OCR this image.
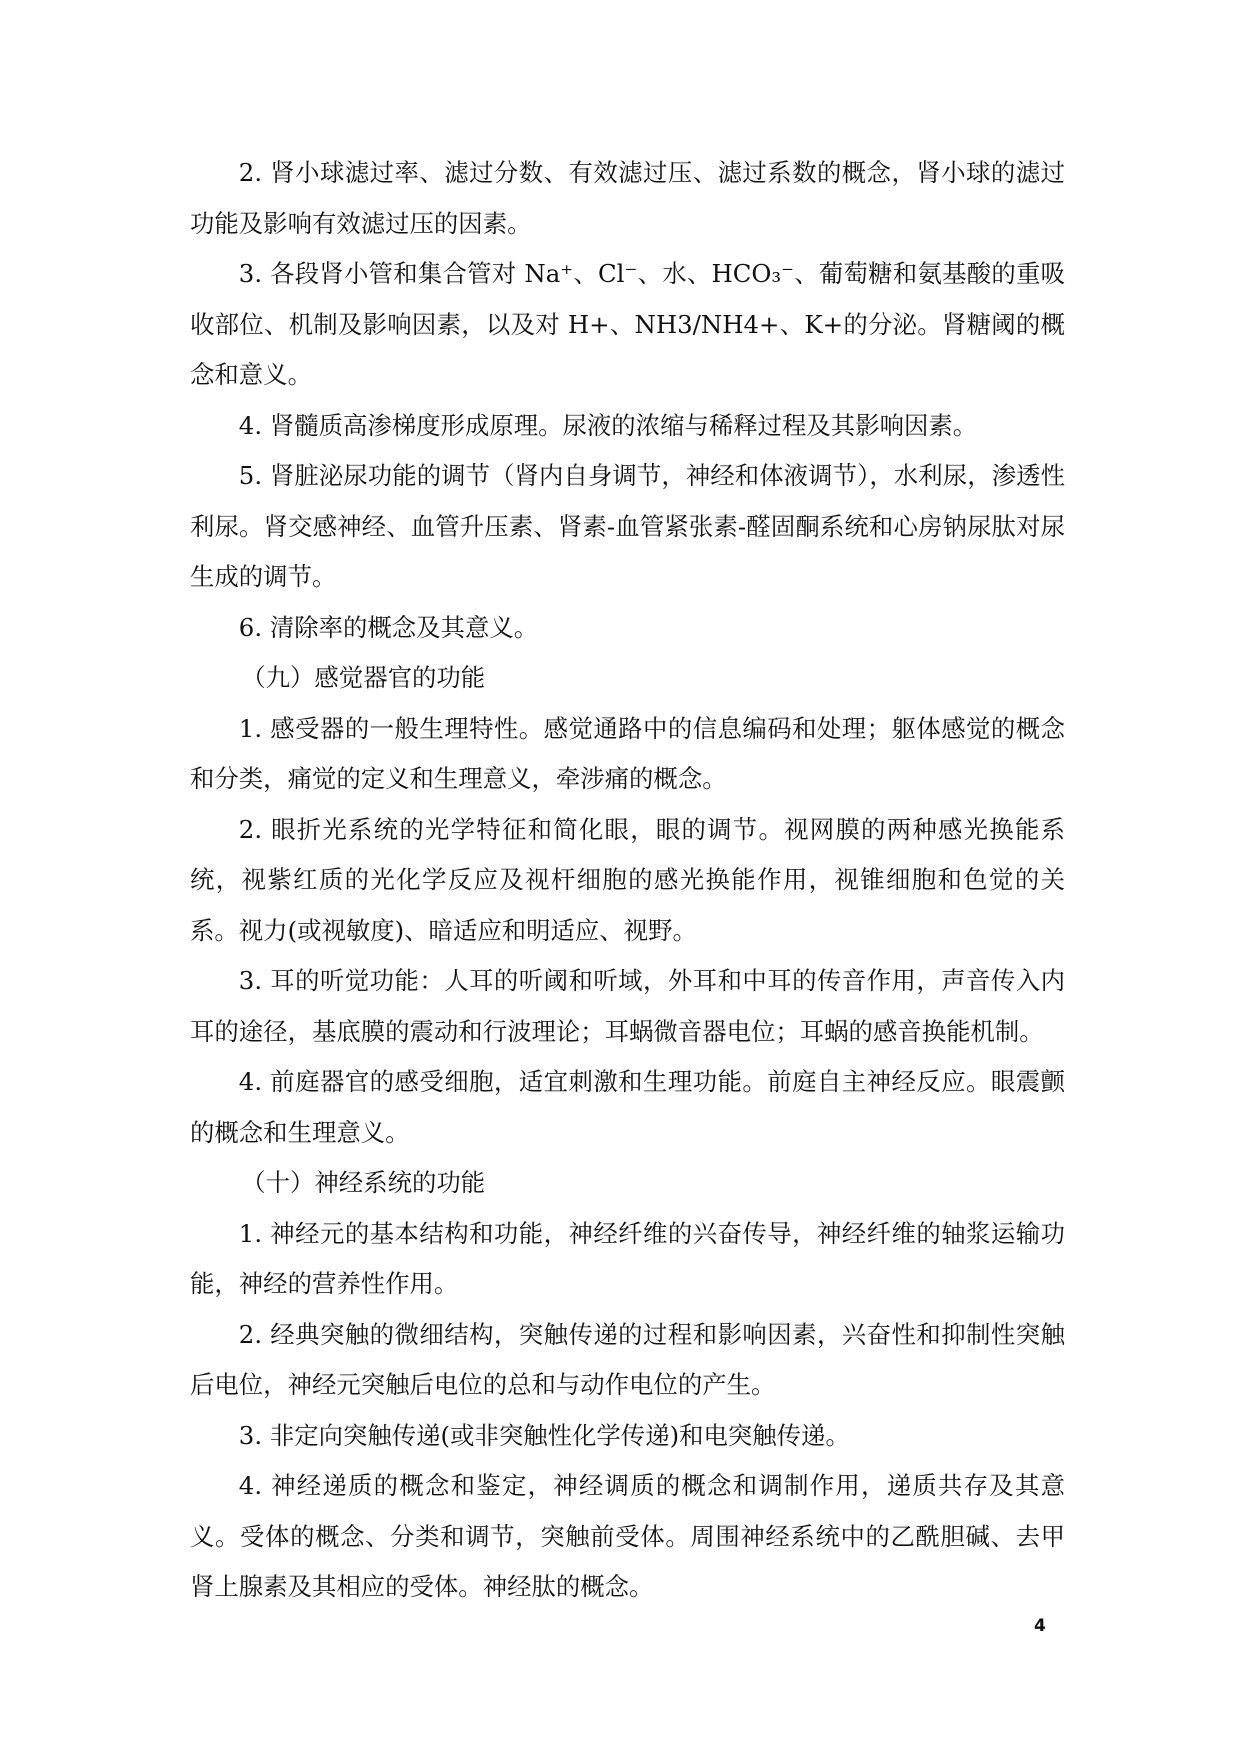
2. 肾小球滤过率、滤过分数、有效滤过压、滤过系数的概念，肾小球的滤过功能及影响有效滤过压的因素。

3. 各段肾小管和集合管对 Na⁺、Cl⁻、水、HCO₃⁻、葡萄糖和氨基酸的重吸收部位、机制及影响因素，以及对 H+、NH3/NH4+、K+的分泌。肾糖阈的概念和意义。

4. 肾髓质高渗梯度形成原理。尿液的浓缩与稀释过程及其影响因素。

5. 肾脏泌尿功能的调节（肾内自身调节，神经和体液调节），水利尿，渗透性利尿。肾交感神经、血管升压素、肾素-血管紧张素-醛固酮系统和心房钠尿肽对尿生成的调节。

6. 清除率的概念及其意义。

（九）感觉器官的功能

1. 感受器的一般生理特性。感觉通路中的信息编码和处理；躯体感觉的概念和分类，痛觉的定义和生理意义，牵涉痛的概念。

2. 眼折光系统的光学特征和简化眼，眼的调节。视网膜的两种感光换能系统，视紫红质的光化学反应及视杆细胞的感光换能作用，视锥细胞和色觉的关系。视力(或视敏度)、暗适应和明适应、视野。

3. 耳的听觉功能：人耳的听阈和听域，外耳和中耳的传音作用，声音传入内耳的途径，基底膜的震动和行波理论；耳蜗微音器电位；耳蜗的感音换能机制。

4. 前庭器官的感受细胞，适宜刺激和生理功能。前庭自主神经反应。眼震颤的概念和生理意义。

（十）神经系统的功能

1. 神经元的基本结构和功能，神经纤维的兴奋传导，神经纤维的轴浆运输功能，神经的营养性作用。

2. 经典突触的微细结构，突触传递的过程和影响因素，兴奋性和抑制性突触后电位，神经元突触后电位的总和与动作电位的产生。

3. 非定向突触传递(或非突触性化学传递)和电突触传递。

4. 神经递质的概念和鉴定，神经调质的概念和调制作用，递质共存及其意义。受体的概念、分类和调节，突触前受体。周围神经系统中的乙酰胆碱、去甲肾上腺素及其相应的受体。神经肽的概念。

4
